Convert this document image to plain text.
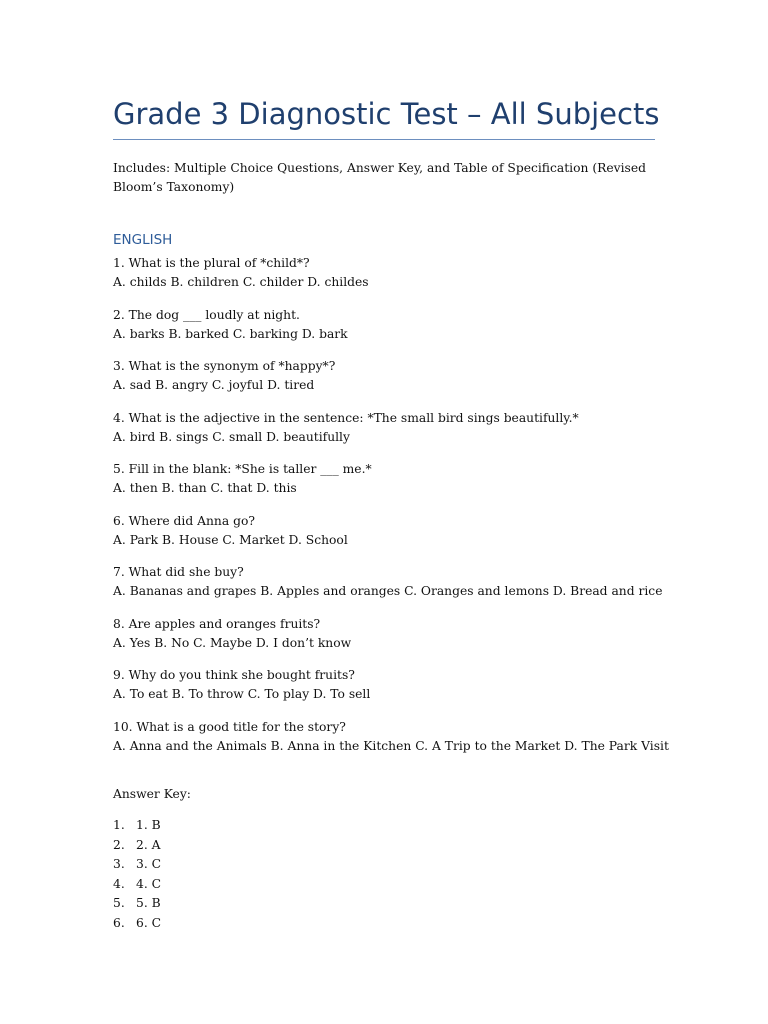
Grade 3 Diagnostic Test – All Subjects
Includes: Multiple Choice Questions, Answer Key, and Table of Specification (Revised
Bloom’s Taxonomy)
ENGLISH
1. What is the plural of *child*?
A. childs B. children C. childer D. childes
2. The dog ___ loudly at night.
A. barks B. barked C. barking D. bark
3. What is the synonym of *happy*?
A. sad B. angry C. joyful D. tired
4. What is the adjective in the sentence: *The small bird sings beautifully.*
A. bird B. sings C. small D. beautifully
5. Fill in the blank: *She is taller ___ me.*
A. then B. than C. that D. this
6. Where did Anna go?
A. Park B. House C. Market D. School
7. What did she buy?
A. Bananas and grapes B. Apples and oranges C. Oranges and lemons D. Bread and rice
8. Are apples and oranges fruits?
A. Yes B. No C. Maybe D. I don’t know
9. Why do you think she bought fruits?
A. To eat B. To throw C. To play D. To sell
10. What is a good title for the story?
A. Anna and the Animals B. Anna in the Kitchen C. A Trip to the Market D. The Park Visit
Answer Key:
1. 1. B
2. 2. A
3. 3. C
4. 4. C
5. 5. B
6. 6. C
